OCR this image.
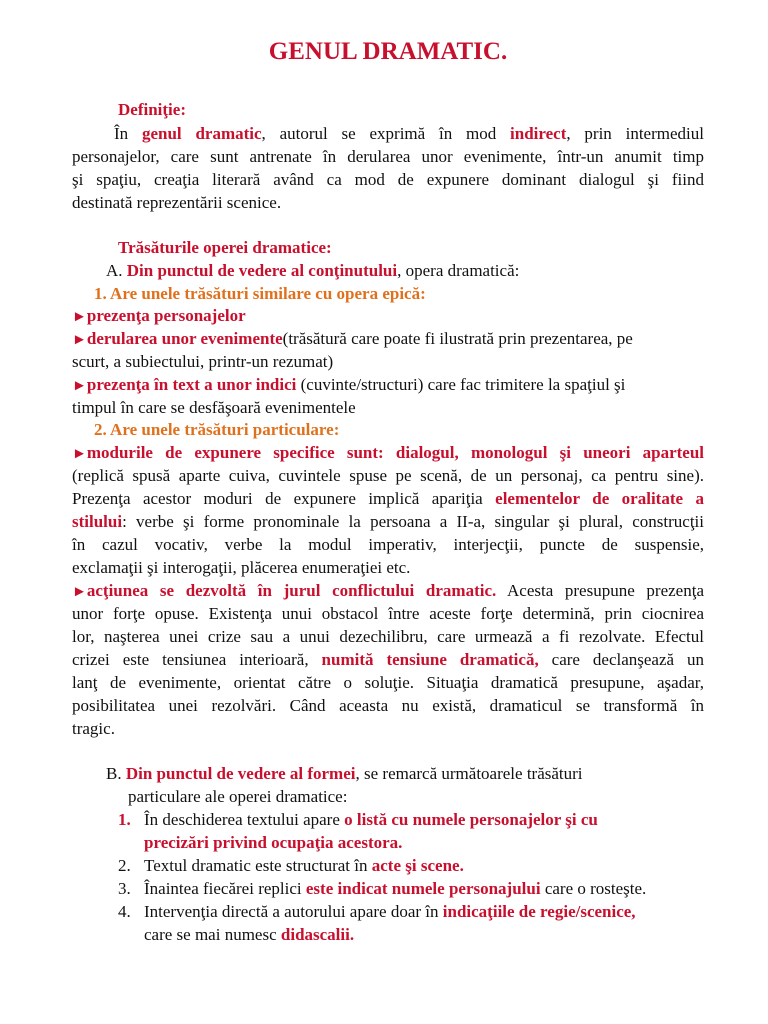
GENUL DRAMATIC.
Definiţie:
În genul dramatic, autorul se exprimă în mod indirect, prin intermediul
personajelor, care sunt antrenate în derularea unor evenimente, într-un anumit timp
şi spaţiu, creaţia literară având ca mod de expunere dominant dialogul şi fiind
destinată reprezentării scenice.
Trăsăturile operei dramatice:
A. Din punctul de vedere al conţinutului, opera dramatică:
1. Are unele trăsături similare cu opera epică:
►prezenţa personajelor
►derularea unor evenimente(trăsătură care poate fi ilustrată prin prezentarea, pe
scurt, a subiectului, printr-un rezumat)
►prezenţa în text a unor indici (cuvinte/structuri) care fac trimitere la spaţiul şi
timpul în care se desfăşoară evenimentele
2. Are unele trăsături particulare:
►modurile de expunere specifice sunt: dialogul, monologul şi uneori aparteul
(replică spusă aparte cuiva, cuvintele spuse pe scenă, de un personaj, ca pentru sine).
Prezenţa acestor moduri de expunere implică apariţia elementelor de oralitate a
stilului: verbe şi forme pronominale la persoana a II-a, singular şi plural, construcţii
în cazul vocativ, verbe la modul imperativ, interjecţii, puncte de suspensie,
exclamaţii şi interogaţii, plăcerea enumeraţiei etc.
►acţiunea se dezvoltă în jurul conflictului dramatic. Acesta presupune prezenţa
unor forţe opuse. Existenţa unui obstacol între aceste forţe determină, prin ciocnirea
lor, naşterea unei crize sau a unui dezechilibru, care urmează a fi rezolvate. Efectul
crizei este tensiunea interioară, numită tensiune dramatică, care declanşează un
lanţ de evenimente, orientat către o soluţie. Situaţia dramatică presupune, aşadar,
posibilitatea unei rezolvări. Când aceasta nu există, dramaticul se transformă în
tragic.
B. Din punctul de vedere al formei, se remarcă următoarele trăsături
particulare ale operei dramatice:
1. În deschiderea textului apare o listă cu numele personajelor şi cu
precizări privind ocupaţia acestora.
2. Textul dramatic este structurat în acte şi scene.
3. Înaintea fiecărei replici este indicat numele personajului care o rosteşte.
4. Intervenţia directă a autorului apare doar în indicaţiile de regie/scenice,
care se mai numesc didascalii.
